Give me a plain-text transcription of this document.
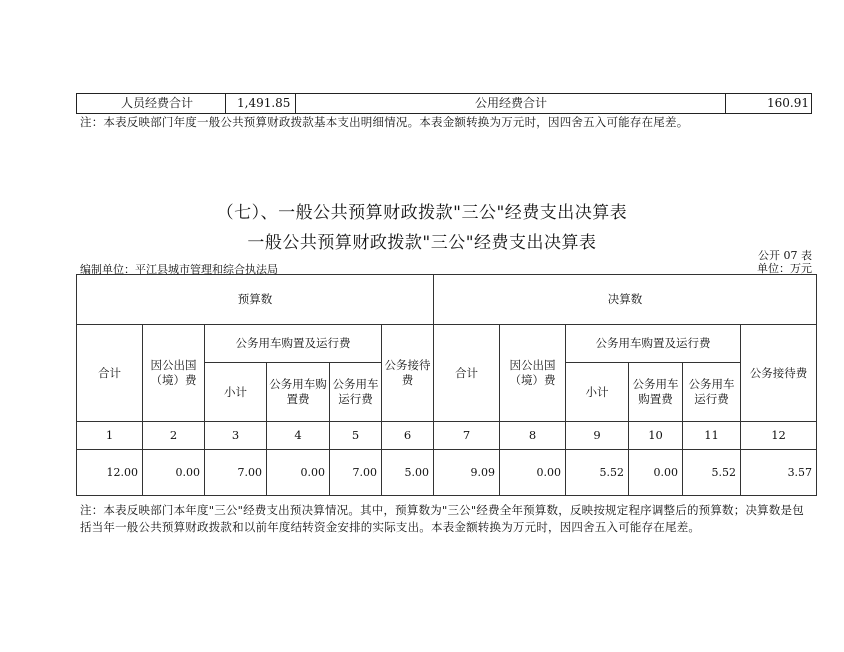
人员经费合计	1,491.85	公用经费合计	160.91
注：本表反映部门年度一般公共预算财政拨款基本支出明细情况。本表金额转换为万元时，因四舍五入可能存在尾差。
（七）、一般公共预算财政拨款"三公"经费支出决算表
一般公共预算财政拨款"三公"经费支出决算表
公开 07 表
单位：万元
编制单位：平江县城市管理和综合执法局
预算数						决算数					
合计	因公出国（境）费	公务用车购置及运行费			公务接待费	合计	因公出国（境）费	公务用车购置及运行费			公务接待费
		小计	公务用车购置费	公务用车运行费				小计	公务用车购置费	公务用车运行费	
1	2	3	4	5	6	7	8	9	10	11	12
12.00	0.00	7.00	0.00	7.00	5.00	9.09	0.00	5.52	0.00	5.52	3.57
注：本表反映部门本年度"三公"经费支出预决算情况。其中，预算数为"三公"经费全年预算数，反映按规定程序调整后的预算数；决算数是包
括当年一般公共预算财政拨款和以前年度结转资金安排的实际支出。本表金额转换为万元时，因四舍五入可能存在尾差。
